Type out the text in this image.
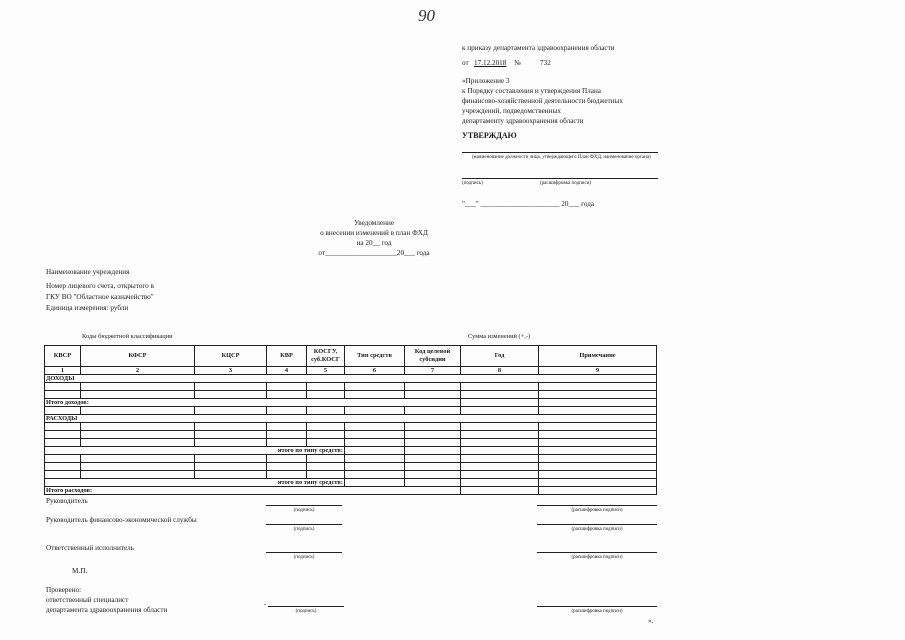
90
к приказу департамента здравоохранения области
от 17.12.2018 №	732
«Приложение 3
к Порядку составления и утверждения Плана
финансово-хозяйственной деятельности бюджетных
учреждений, подведомственных
департаменту здравоохранения области
УТВЕРЖДАЮ
(наименование должности лица, утверждающего План ФХД, наименование органа)
(подпись)	(расшифровка подписи)
"___" ______________________ 20___ года
Уведомление
о внесении изменений в план ФХД
на 20__ год
от____________________20___ года
Наименование учреждения
Номер лицевого счета, открытого в
ГКУ ВО "Областное казначейство"
Единица измерения: рубли
Коды бюджетной классификации	Сумма изменений (+,-)
КВСР	КФСР	КЦСР	КВР	КОСГУ, суб.КОСГ	Тип средств	Код целевой субсидии	Год	Примечание
1	2	3	4	5	6	7	8	9
ДОХОДЫ								

Итого доходов:								

РАСХОДЫ								

итого по типу средств:								

итого по типу средств:								
Итого расходов:								
Руководитель
(подпись)	(расшифровка подписи)
Руководитель финансово-экономической службы
(подпись)	(расшифровка подписи)
Ответственный исполнитель
(подпись)	(расшифровка подписи)
М.П.
Проверено:
ответственный специалист
департамента здравоохранения области
-
(подпись)	(расшифровка подписи)
».
